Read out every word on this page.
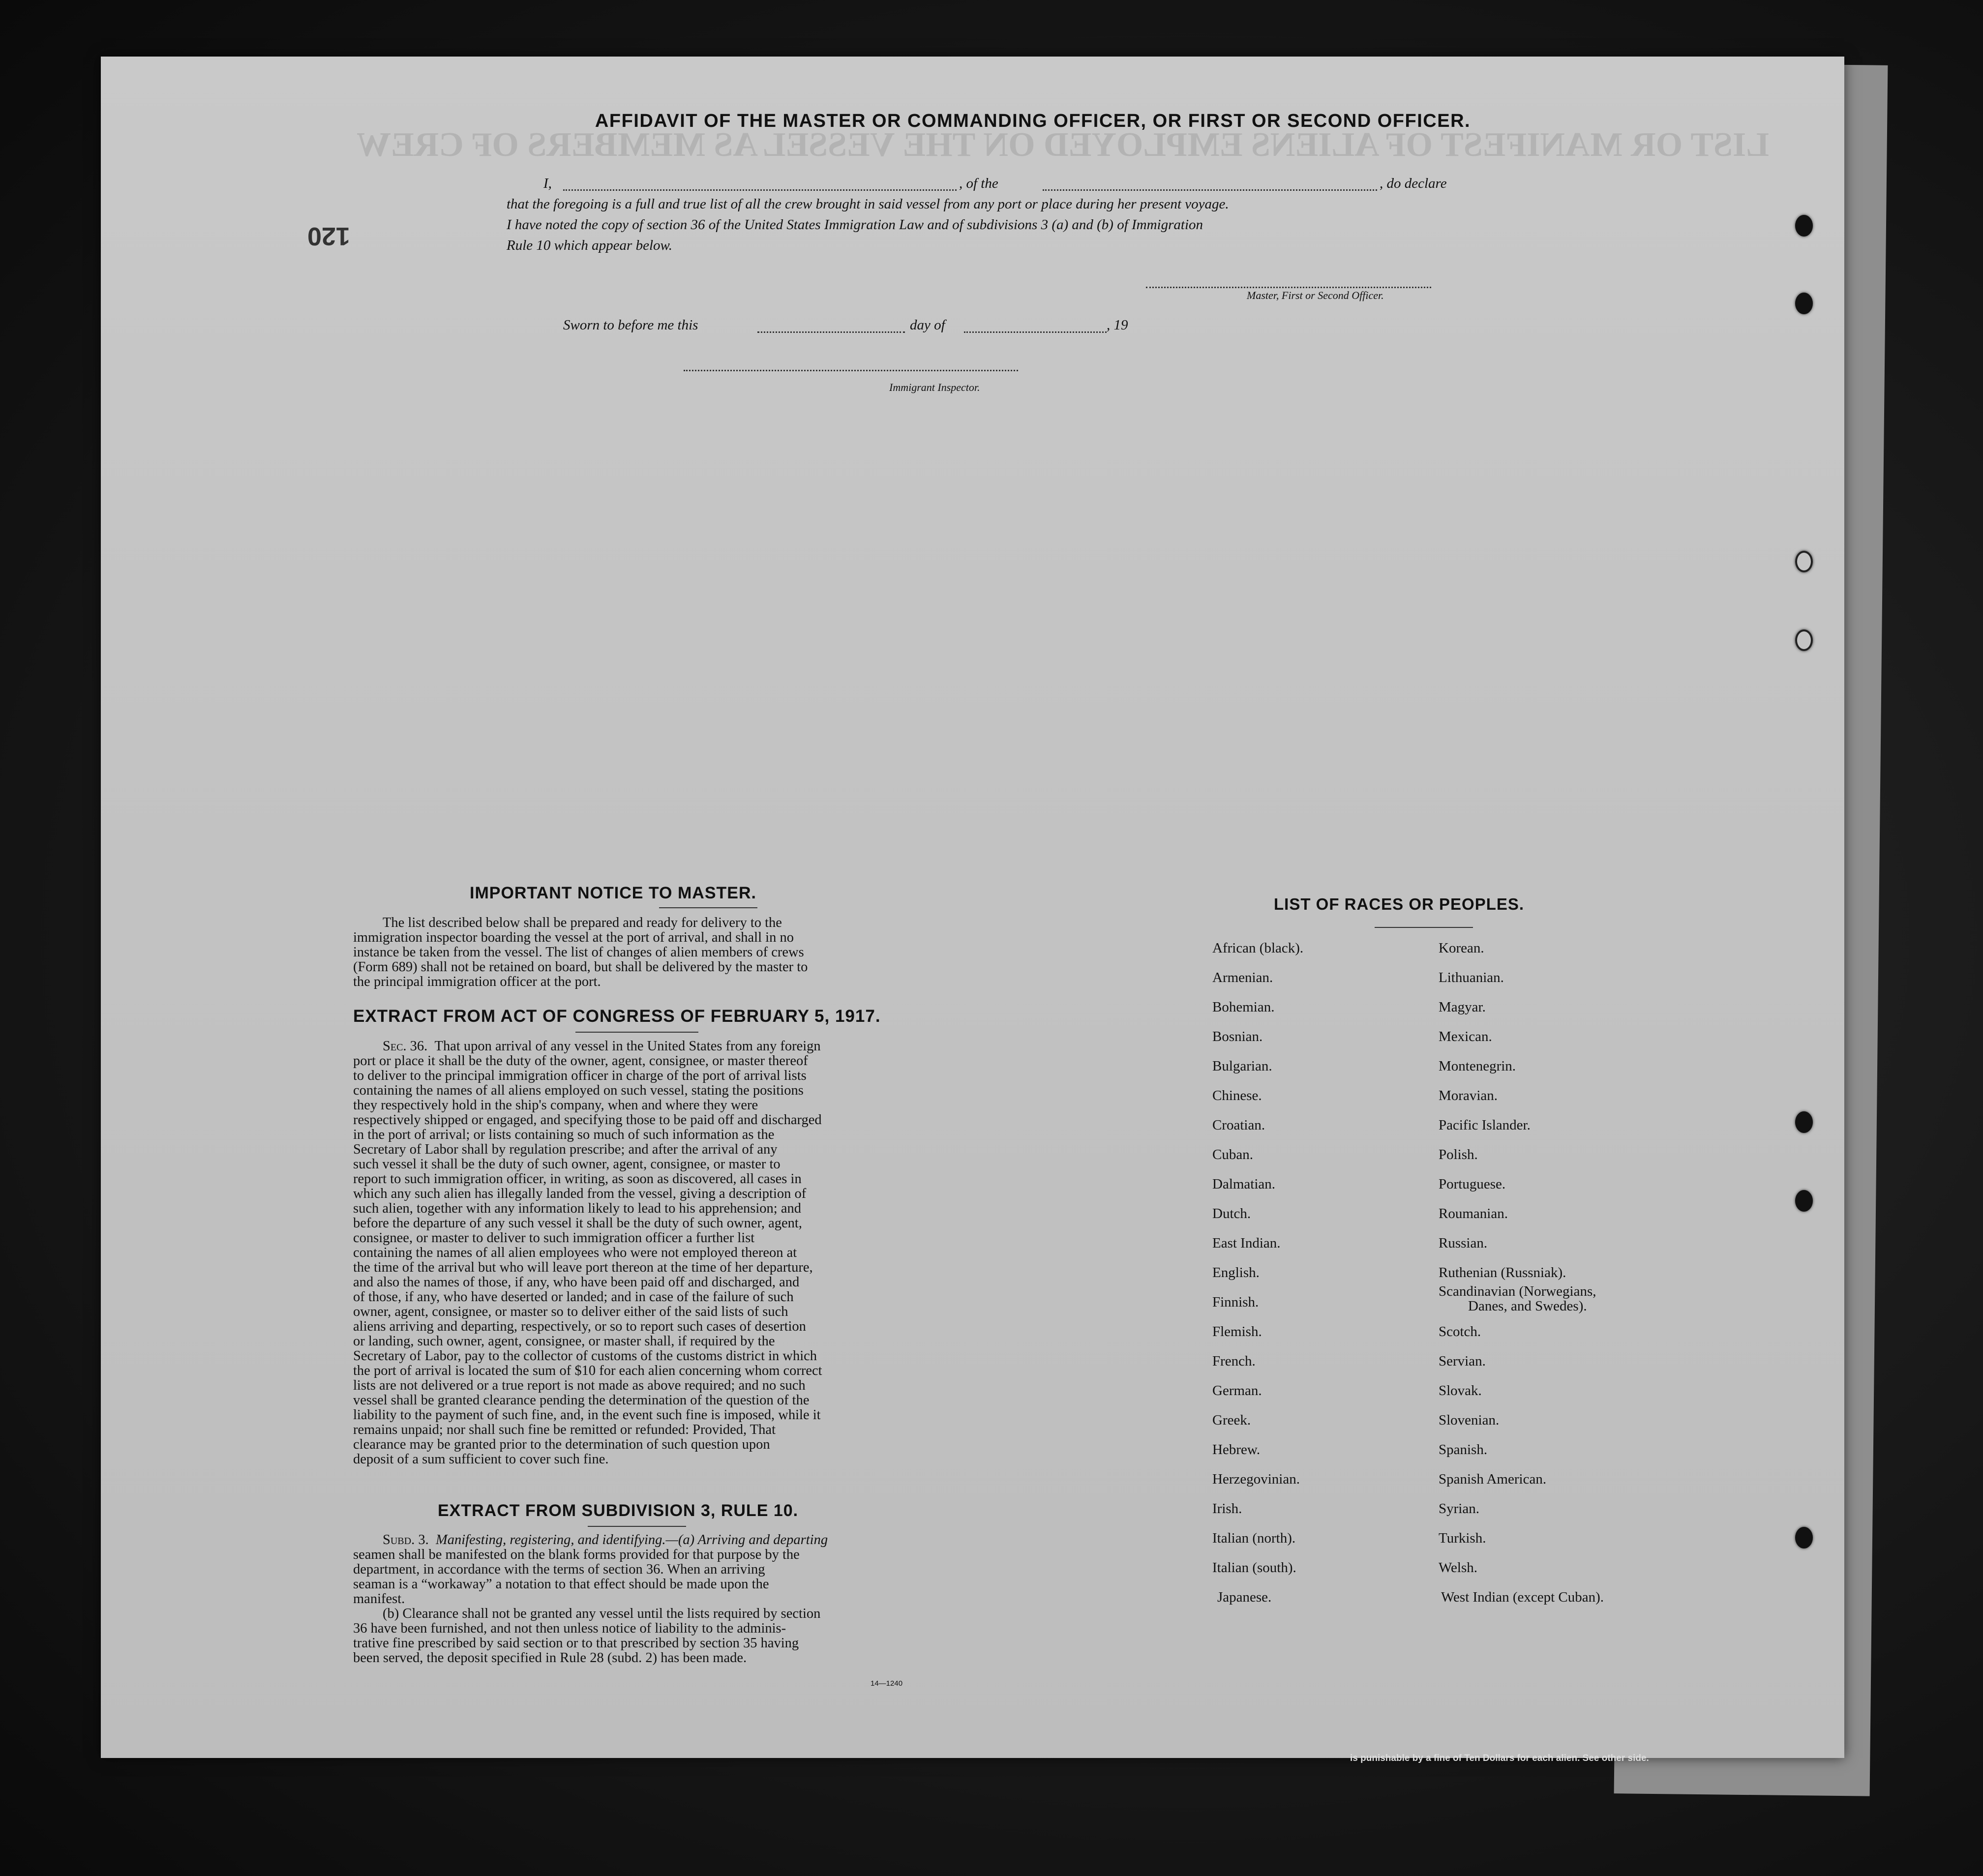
LIST OR MANIFEST OF ALIENS EMPLOYED ON THE VESSEL AS MEMBERS OF CREW
120
AFFIDAVIT OF THE MASTER OR COMMANDING OFFICER, OR FIRST OR SECOND OFFICER.
I,	, of the	, do declare
that the foregoing is a full and true list of all the crew brought in said vessel from any port or place during her present voyage.
I have noted the copy of section 36 of the United States Immigration Law and of subdivisions 3 (a) and (b) of Immigration
Rule 10 which appear below.
Master, First or Second Officer.
Sworn to before me this	day of	, 19
Immigrant Inspector.
IMPORTANT NOTICE TO MASTER.
The list described below shall be prepared and ready for delivery to the
immigration inspector boarding the vessel at the port of arrival, and shall in no
instance be taken from the vessel. The list of changes of alien members of crews
(Form 689) shall not be retained on board, but shall be delivered by the master to
the principal immigration officer at the port.
EXTRACT FROM ACT OF CONGRESS OF FEBRUARY 5, 1917.
Sec. 36. That upon arrival of any vessel in the United States from any foreign
port or place it shall be the duty of the owner, agent, consignee, or master thereof
to deliver to the principal immigration officer in charge of the port of arrival lists
containing the names of all aliens employed on such vessel, stating the positions
they respectively hold in the ship's company, when and where they were
respectively shipped or engaged, and specifying those to be paid off and discharged
in the port of arrival; or lists containing so much of such information as the
Secretary of Labor shall by regulation prescribe; and after the arrival of any
such vessel it shall be the duty of such owner, agent, consignee, or master to
report to such immigration officer, in writing, as soon as discovered, all cases in
which any such alien has illegally landed from the vessel, giving a description of
such alien, together with any information likely to lead to his apprehension; and
before the departure of any such vessel it shall be the duty of such owner, agent,
consignee, or master to deliver to such immigration officer a further list
containing the names of all alien employees who were not employed thereon at
the time of the arrival but who will leave port thereon at the time of her departure,
and also the names of those, if any, who have been paid off and discharged, and
of those, if any, who have deserted or landed; and in case of the failure of such
owner, agent, consignee, or master so to deliver either of the said lists of such
aliens arriving and departing, respectively, or so to report such cases of desertion
or landing, such owner, agent, consignee, or master shall, if required by the
Secretary of Labor, pay to the collector of customs of the customs district in which
the port of arrival is located the sum of $10 for each alien concerning whom correct
lists are not delivered or a true report is not made as above required; and no such
vessel shall be granted clearance pending the determination of the question of the
liability to the payment of such fine, and, in the event such fine is imposed, while it
remains unpaid; nor shall such fine be remitted or refunded: Provided, That
clearance may be granted prior to the determination of such question upon
deposit of a sum sufficient to cover such fine.
EXTRACT FROM SUBDIVISION 3, RULE 10.
Subd. 3. Manifesting, registering, and identifying.—(a) Arriving and departing
seamen shall be manifested on the blank forms provided for that purpose by the
department, in accordance with the terms of section 36. When an arriving
seaman is a “workaway” a notation to that effect should be made upon the
manifest.
(b) Clearance shall not be granted any vessel until the lists required by section
36 have been furnished, and not then unless notice of liability to the adminis-
trative fine prescribed by said section or to that prescribed by section 35 having
been served, the deposit specified in Rule 28 (subd. 2) has been made.
14—1240
LIST OF RACES OR PEOPLES.
African (black).
Armenian.
Bohemian.
Bosnian.
Bulgarian.
Chinese.
Croatian.
Cuban.
Dalmatian.
Dutch.
East Indian.
English.
Finnish.
Flemish.
French.
German.
Greek.
Hebrew.
Herzegovinian.
Irish.
Italian (north).
Italian (south).
Japanese.
Korean.
Lithuanian.
Magyar.
Mexican.
Montenegrin.
Moravian.
Pacific Islander.
Polish.
Portuguese.
Roumanian.
Russian.
Ruthenian (Russniak).
Scandinavian (Norwegians,
Danes, and Swedes).
Scotch.
Servian.
Slovak.
Slovenian.
Spanish.
Spanish American.
Syrian.
Turkish.
Welsh.
West Indian (except Cuban).
is punishable by a fine of Ten Dollars for each alien. See other side.
